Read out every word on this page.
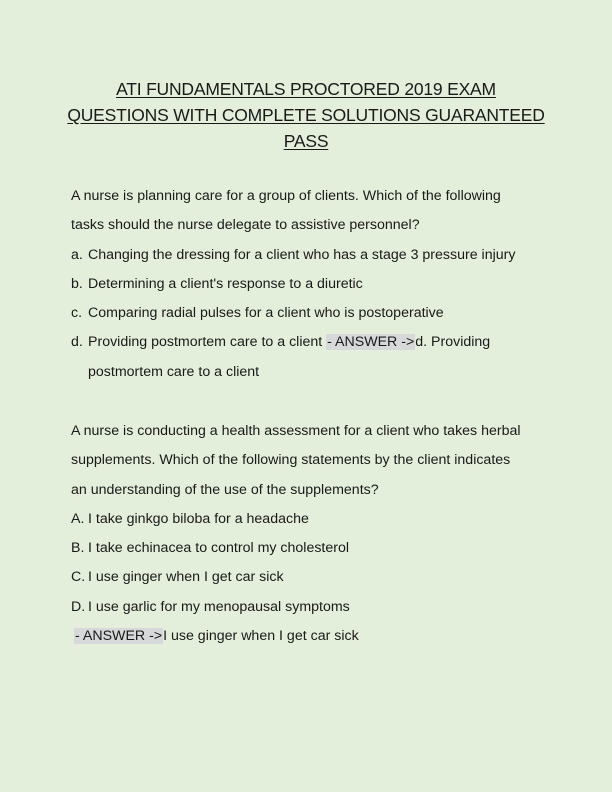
ATI FUNDAMENTALS PROCTORED 2019 EXAM
QUESTIONS WITH COMPLETE SOLUTIONS GUARANTEED
PASS

A nurse is planning care for a group of clients. Which of the following

tasks should the nurse delegate to assistive personnel?

a. Changing the dressing for a client who has a stage 3 pressure injury
b. Determining a client's response to a diuretic
c. Comparing radial pulses for a client who is postoperative
d. Providing postmortem care to a client - ANSWER ->d. Providing postmortem care to a client

A nurse is conducting a health assessment for a client who takes herbal

supplements. Which of the following statements by the client indicates

an understanding of the use of the supplements?

A. I take ginkgo biloba for a headache
B. I take echinacea to control my cholesterol
C. I use ginger when I get car sick
D. I use garlic for my menopausal symptoms

- ANSWER ->I use ginger when I get car sick
